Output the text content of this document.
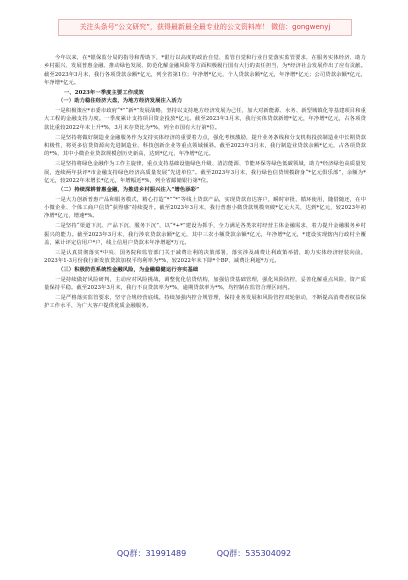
关注头条号“公文研究”，获得最新最全最专业的公文资料库！ 微信：gongwenyj

今年以来，在*银保监分局的指导和帮助下，*银行以高度的政治自觉、监管自觉和行业自觉落实监管要求，在服务实体经济、助力乡村振兴、发展普惠金融、推动绿色发展、防范化解金融风险等方面积极履行国有大行的责任担当，为*经济社会发展作出了应有贡献。截至2023年3月末，我行各项贷款余额*亿元，列全省第1位；年净增*亿元，个人贷款余额*亿元，年净增*亿元；公司贷款余额*亿元，年净增*亿元。

一、2023年一季度主要工作成效

（一）助力稳住经济大盘，为地方经济发展注入活力

一是积极策应*市委市政府“*”“新*”发展战略，坚持以支持地方经济发展为己任，加大对新能源、水务、新型城镇化等基建项目和重大工程的金融支持力度。一季度累计支持项目资金投放*亿元。截至2023年3月末，我行实体贷款新增*亿元，年净增*亿元，占各项贷款比重较2022年末上升*%，3月末存贷比为*%，列全市国有大行第*位。

二是坚持将做好制造业金融服务作为支持实体经济的重要着力点，强化考核激励，提升业务条线和分支机构投放制造业中长期贷款积极性，将更多信贷资源向先进制造业、科技创新企业等重点领域倾斜。截至2023年3月末，我行制造业贷款余额*亿元，占各项贷款的*%，其中小微企业贷款规模创历史新高，达到*亿元，年净增*亿元。

三是坚持将绿色金融作为工作主旋律，重点支持基础设施绿色升级、清洁能源、节能环保等绿色低碳领域，助力*经济绿色高质量发展，连续两年获评*市金融支持绿色经济高质量发展“先进单位”。截至2023年3月末，我行绿色信贷规模跻身“*亿元俱乐部”，余额为*亿元，较2022年末增长*亿元，年增幅近*%，列全省邮储银行第*位。

（二）持续深耕普惠金融，为推进乡村振兴注入“增色添彩”

一是大力创新普惠产品和服务模式，精心打造“*”“*”等线上贷款产品，实现贷款直达客户，瞬时审批，循环使用，随借随还，在中小微企业、个体工商户信贷“获得感”持续提升。截至2023年3月末，我行普惠小微贷款规模突破*亿元大关，达到*亿元，较2023年初净增*亿元，增速*%。

二是坚持“渠道下沉、产品下沉、服务下沉”，以“*+*”建设为抓手，全力满足各类农村经营主体金融需求，着力提升金融服务乡村振兴的能力。截至2023年3月末，我行涉农贷款余额*亿元，其中三农小额贷款余额*亿元，年净增*亿元，*建设实现辖内行政村全覆盖，累计评定信用户*户，线上信用户贷款本年净增超*万元。

三是认真贯彻落实*中央、国务院和监管部门关于减费让利的决策部署，落实涉及减费让利政策举措，助力实体经济轻装向前。2023年1-3月份我行新发放贷款加权平均利率为*%，较2022年末下降*个BP，减费让利超*万元。

（三）积极防范系统性金融风险，为金融稳健运行夯实基础

一是持续做好风险研判，主动应对风险挑战，调整优化信贷结构，加强信贷基础管理，强化风险防控，妥善化解重点风险，资产质量保持平稳。截至2023年3月末，我行不良贷款率为*%，逾期贷款率为*%，均控制在监管合理区间内。

二是严格落实监管要求，坚守合规经营底线。持续加强内控合规管理，保持业务发展和风险管控双轮驱动，不断提高消费者权益保护工作水平，为广大客户提供优质金融服务。

QQ群：31991489 QQ群：535304092
